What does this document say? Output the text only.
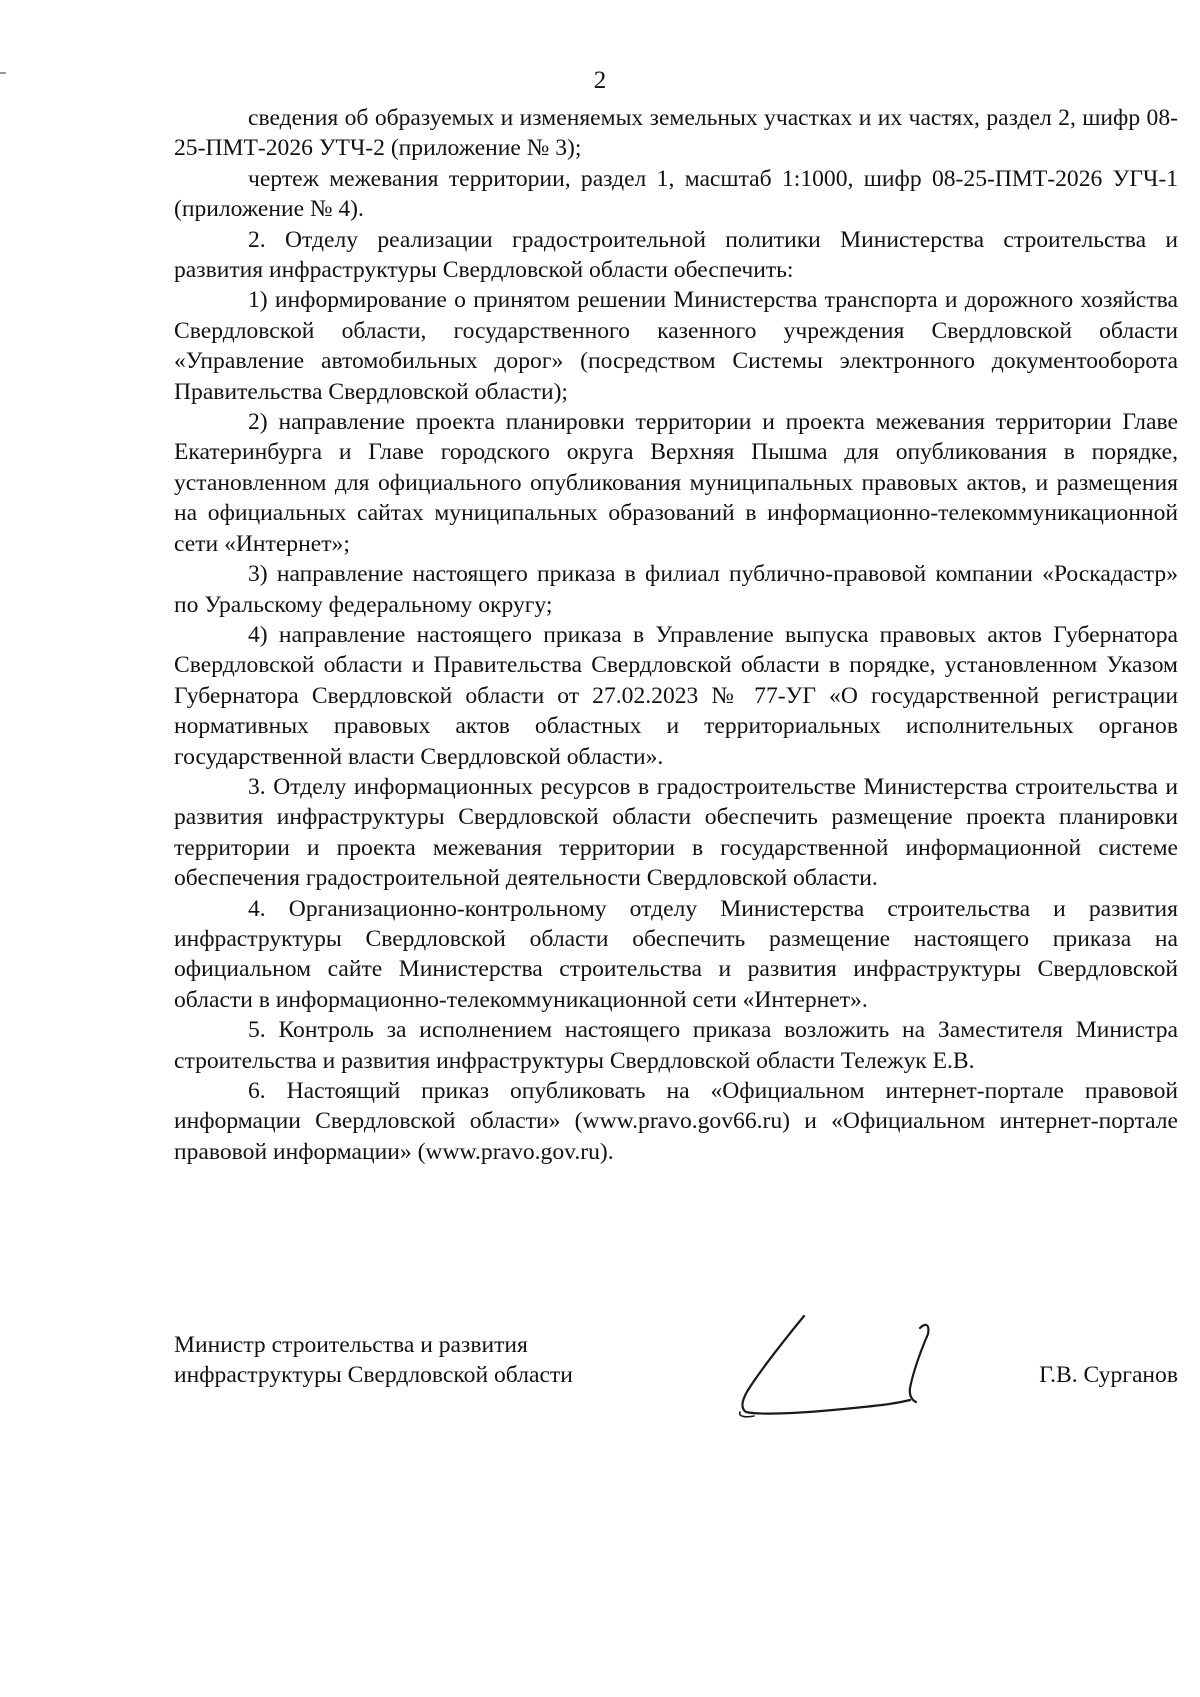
2

сведения об образуемых и изменяемых земельных участках и их частях, раздел 2, шифр 08-25-ПМТ-2026 УТЧ-2 (приложение № 3);

чертеж межевания территории, раздел 1, масштаб 1:1000, шифр 08-25-ПМТ-2026 УГЧ-1 (приложение № 4).

2. Отделу реализации градостроительной политики Министерства строительства и развития инфраструктуры Свердловской области обеспечить:

1) информирование о принятом решении Министерства транспорта и дорожного хозяйства Свердловской области, государственного казенного учреждения Свердловской области «Управление автомобильных дорог» (посредством Системы электронного документооборота Правительства Свердловской области);

2) направление проекта планировки территории и проекта межевания территории Главе Екатеринбурга и Главе городского округа Верхняя Пышма для опубликования в порядке, установленном для официального опубликования муниципальных правовых актов, и размещения на официальных сайтах муниципальных образований в информационно-телекоммуникационной сети «Интернет»;

3) направление настоящего приказа в филиал публично-правовой компании «Роскадастр» по Уральскому федеральному округу;

4) направление настоящего приказа в Управление выпуска правовых актов Губернатора Свердловской области и Правительства Свердловской области в порядке, установленном Указом Губернатора Свердловской области от 27.02.2023 № 77-УГ «О государственной регистрации нормативных правовых актов областных и территориальных исполнительных органов государственной власти Свердловской области».

3. Отделу информационных ресурсов в градостроительстве Министерства строительства и развития инфраструктуры Свердловской области обеспечить размещение проекта планировки территории и проекта межевания территории в государственной информационной системе обеспечения градостроительной деятельности Свердловской области.

4. Организационно-контрольному отделу Министерства строительства и развития инфраструктуры Свердловской области обеспечить размещение настоящего приказа на официальном сайте Министерства строительства и развития инфраструктуры Свердловской области в информационно-телекоммуникационной сети «Интернет».

5. Контроль за исполнением настоящего приказа возложить на Заместителя Министра строительства и развития инфраструктуры Свердловской области Тележук Е.В.

6. Настоящий приказ опубликовать на «Официальном интернет-портале правовой информации Свердловской области» (www.pravo.gov66.ru) и «Официальном интернет-портале правовой информации» (www.pravo.gov.ru).

Министр строительства и развития
инфраструктуры Свердловской области	Г.В. Сурганов
